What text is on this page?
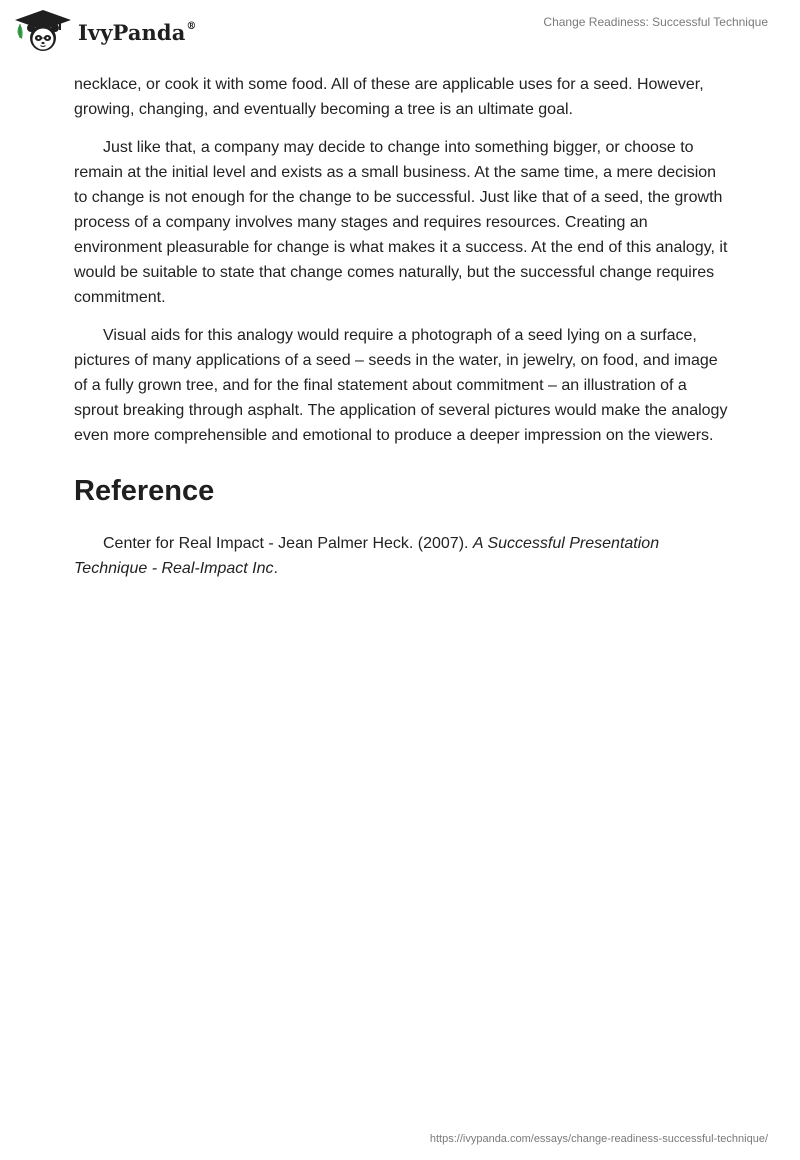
IvyPanda®	Change Readiness: Successful Technique

necklace, or cook it with some food. All of these are applicable uses for a seed. However, growing, changing, and eventually becoming a tree is an ultimate goal.

Just like that, a company may decide to change into something bigger, or choose to remain at the initial level and exists as a small business. At the same time, a mere decision to change is not enough for the change to be successful. Just like that of a seed, the growth process of a company involves many stages and requires resources. Creating an environment pleasurable for change is what makes it a success. At the end of this analogy, it would be suitable to state that change comes naturally, but the successful change requires commitment.

Visual aids for this analogy would require a photograph of a seed lying on a surface, pictures of many applications of a seed – seeds in the water, in jewelry, on food, and image of a fully grown tree, and for the final statement about commitment – an illustration of a sprout breaking through asphalt. The application of several pictures would make the analogy even more comprehensible and emotional to produce a deeper impression on the viewers.

Reference

Center for Real Impact - Jean Palmer Heck. (2007). A Successful Presentation Technique - Real-Impact Inc.

https://ivypanda.com/essays/change-readiness-successful-technique/
